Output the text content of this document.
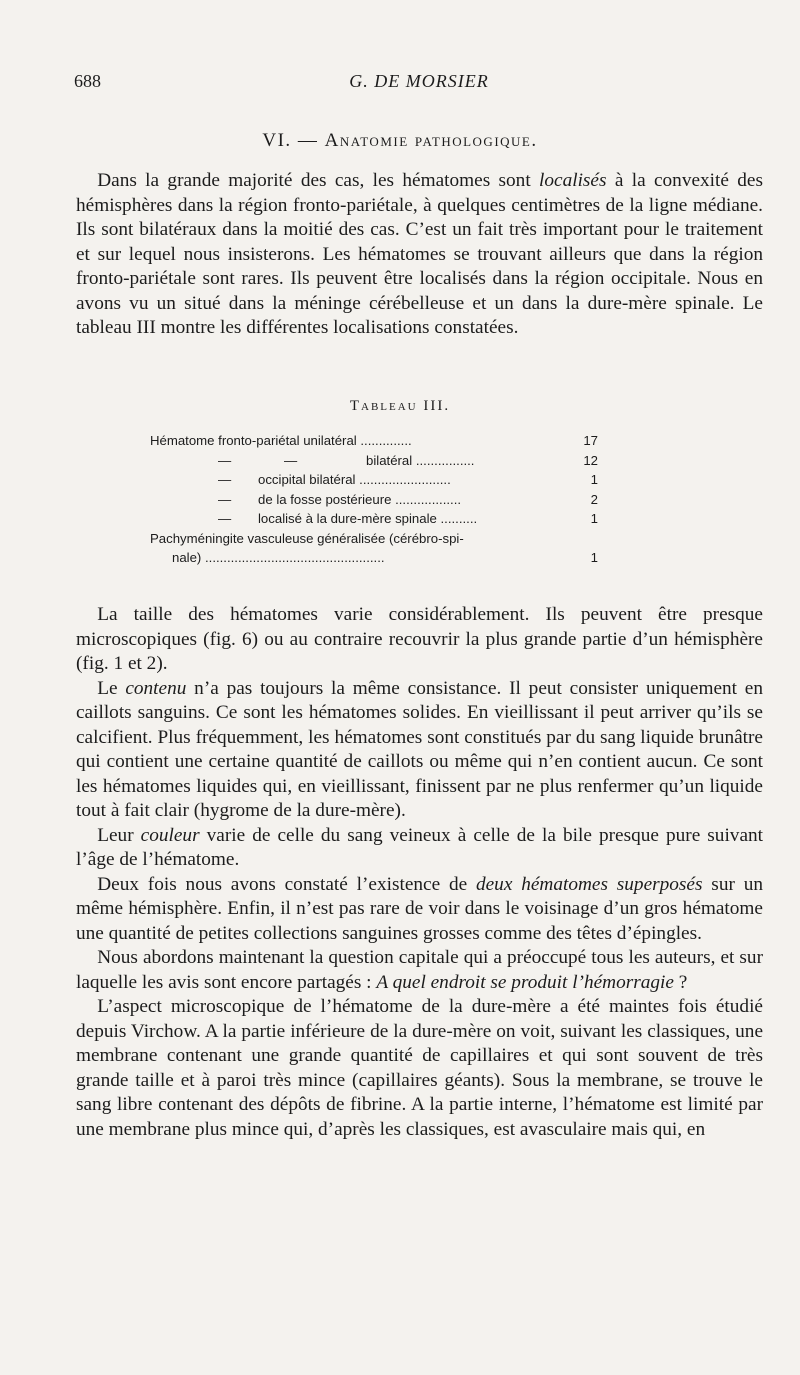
688	G. DE MORSIER
VI. — Anatomie pathologique.

Dans la grande majorité des cas, les hématomes sont localisés à la convexité des hémisphères dans la région fronto-pariétale, à quelques centimètres de la ligne médiane. Ils sont bilatéraux dans la moitié des cas. C’est un fait très important pour le traitement et sur lequel nous insisterons. Les hématomes se trouvant ailleurs que dans la région fronto-pariétale sont rares. Ils peuvent être localisés dans la région occipitale. Nous en avons vu un situé dans la méninge cérébelleuse et un dans la dure-mère spinale. Le tableau III montre les différentes localisations constatées.

Tableau III.
Hématome fronto-pariétal unilatéral ..............	17
—	—	bilatéral ................	12
— occipital bilatéral .........................	1
— de la fosse postérieure ..................	2
— localisé à la dure-mère spinale ..........	1
Pachyméningite vasculeuse généralisée (cérébro-spi-
nale) .................................................	1

La taille des hématomes varie considérablement. Ils peuvent être presque microscopiques (fig. 6) ou au contraire recouvrir la plus grande partie d’un hémisphère (fig. 1 et 2).

Le contenu n’a pas toujours la même consistance. Il peut consister uniquement en caillots sanguins. Ce sont les hématomes solides. En vieillissant il peut arriver qu’ils se calcifient. Plus fréquemment, les hématomes sont constitués par du sang liquide brunâtre qui contient une certaine quantité de caillots ou même qui n’en contient aucun. Ce sont les hématomes liquides qui, en vieillissant, finissent par ne plus renfermer qu’un liquide tout à fait clair (hygrome de la dure-mère).

Leur couleur varie de celle du sang veineux à celle de la bile presque pure suivant l’âge de l’hématome.

Deux fois nous avons constaté l’existence de deux hématomes superposés sur un même hémisphère. Enfin, il n’est pas rare de voir dans le voisinage d’un gros hématome une quantité de petites collections sanguines grosses comme des têtes d’épingles.

Nous abordons maintenant la question capitale qui a préoccupé tous les auteurs, et sur laquelle les avis sont encore partagés : A quel endroit se produit l’hémorragie ?

L’aspect microscopique de l’hématome de la dure-mère a été maintes fois étudié depuis Virchow. A la partie inférieure de la dure-mère on voit, suivant les classiques, une membrane contenant une grande quantité de capillaires et qui sont souvent de très grande taille et à paroi très mince (capillaires géants). Sous la membrane, se trouve le sang libre contenant des dépôts de fibrine. A la partie interne, l’hématome est limité par une membrane plus mince qui, d’après les classiques, est avasculaire mais qui, en
